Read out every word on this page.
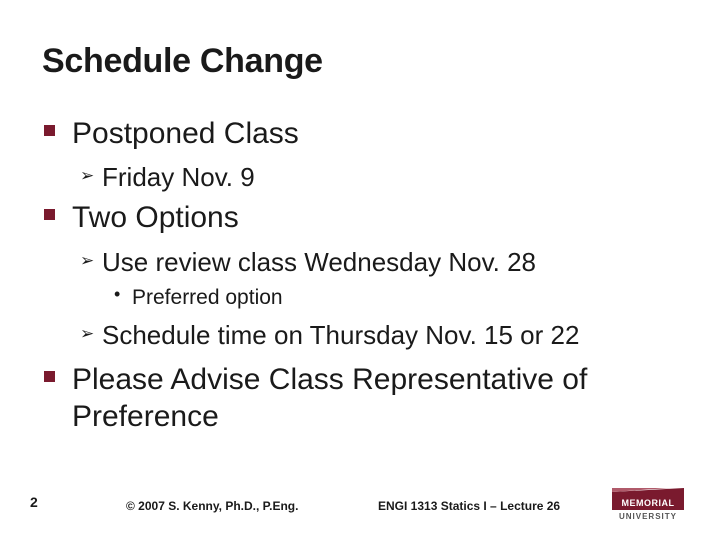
Schedule Change
Postponed Class
➢ Friday Nov. 9
Two Options
➢ Use review class Wednesday Nov. 28
• Preferred option
➢ Schedule time on Thursday Nov. 15 or 22
Please Advise Class Representative of
Preference
2	© 2007 S. Kenny, Ph.D., P.Eng.	ENGI 1313 Statics I – Lecture 26	MEMORIAL
UNIVERSITY
